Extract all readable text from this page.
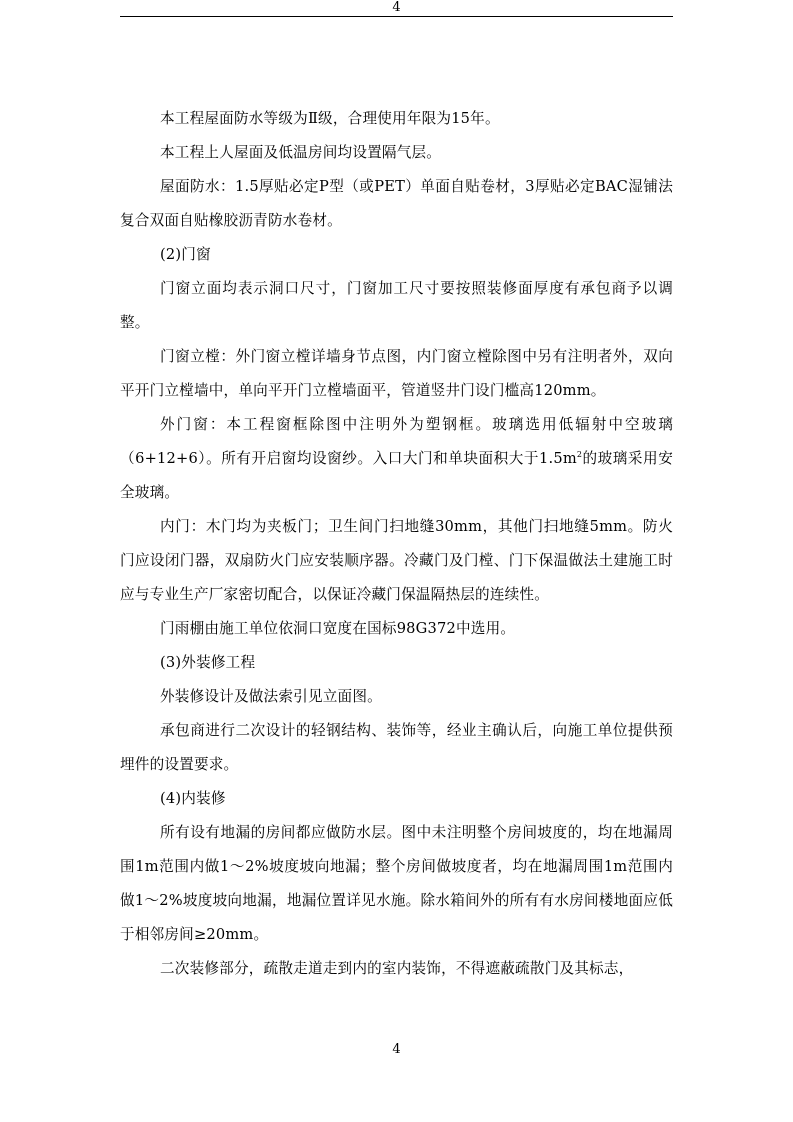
4

本工程屋面防水等级为Ⅱ级，合理使用年限为15年。

本工程上人屋面及低温房间均设置隔气层。

屋面防水：1.5厚贴必定P型（或PET）单面自贴卷材，3厚贴必定BAC湿铺法复合双面自贴橡胶沥青防水卷材。

(2)门窗

门窗立面均表示洞口尺寸，门窗加工尺寸要按照装修面厚度有承包商予以调整。

门窗立樘：外门窗立樘详墙身节点图，内门窗立樘除图中另有注明者外，双向平开门立樘墙中，单向平开门立樘墙面平，管道竖井门设门槛高120mm。

外门窗：本工程窗框除图中注明外为塑钢框。玻璃选用低辐射中空玻璃（6+12+6）。所有开启窗均设窗纱。入口大门和单块面积大于$1.5m^2$的玻璃采用安全玻璃。

内门：木门均为夹板门；卫生间门扫地缝30mm，其他门扫地缝5mm。防火门应设闭门器，双扇防火门应安装顺序器。冷藏门及门樘、门下保温做法土建施工时应与专业生产厂家密切配合，以保证冷藏门保温隔热层的连续性。

门雨棚由施工单位依洞口宽度在国标98G372中选用。

(3)外装修工程

外装修设计及做法索引见立面图。

承包商进行二次设计的轻钢结构、装饰等，经业主确认后，向施工单位提供预埋件的设置要求。

(4)内装修

所有设有地漏的房间都应做防水层。图中未注明整个房间坡度的，均在地漏周围1m范围内做1～2%坡度坡向地漏；整个房间做坡度者，均在地漏周围1m范围内做1～2%坡度坡向地漏，地漏位置详见水施。除水箱间外的所有有水房间楼地面应低于相邻房间≥20mm。

二次装修部分，疏散走道走到内的室内装饰，不得遮蔽疏散门及其标志，

4
